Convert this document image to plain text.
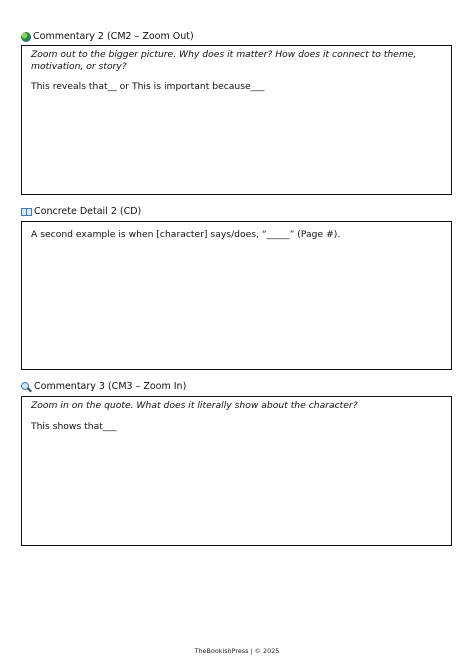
Commentary 2 (CM2 – Zoom Out)

Zoom out to the bigger picture. Why does it matter? How does it connect to theme, motivation, or story?

This reveals that__ or This is important because___

Concrete Detail 2 (CD)

A second example is when [character] says/does, “_____” (Page #).

Commentary 3 (CM3 – Zoom In)

Zoom in on the quote. What does it literally show about the character?

This shows that___

TheBookishPress | © 2025
